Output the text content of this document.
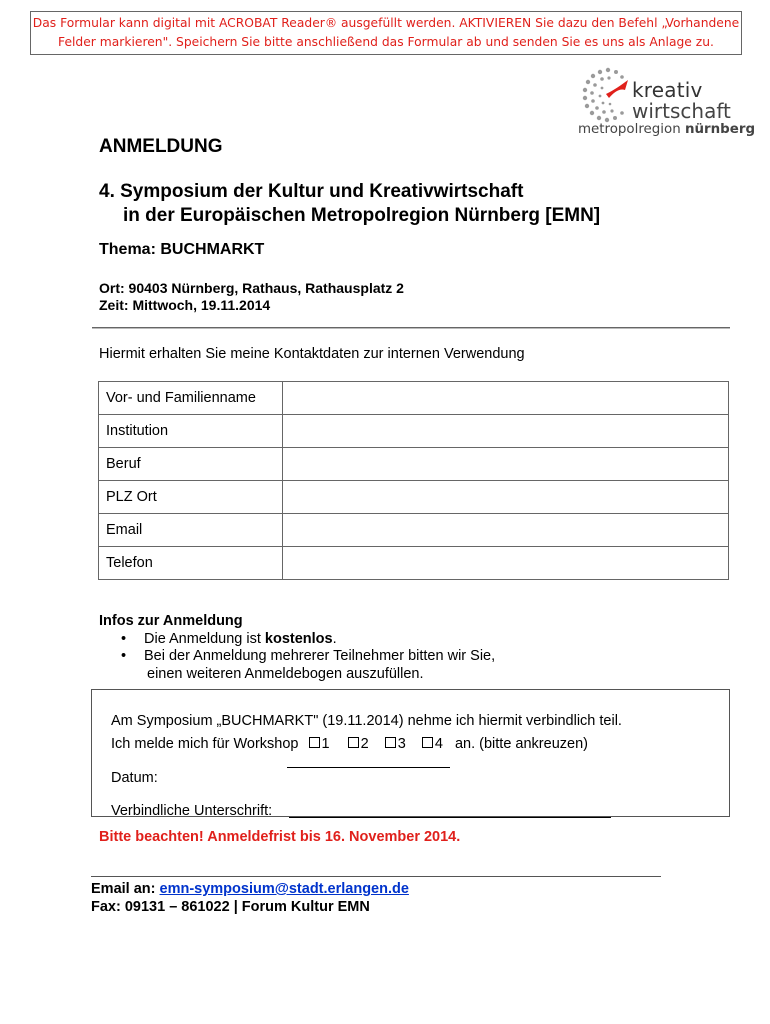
Das Formular kann digital mit ACROBAT Reader® ausgefüllt werden. AKTIVIEREN Sie dazu den Befehl „Vorhandene
Felder markieren". Speichern Sie bitte anschließend das Formular ab und senden Sie es uns als Anlage zu.
kreativ
wirtschaft
metropolregion nürnberg
ANMELDUNG
4. Symposium der Kultur und Kreativwirtschaft
in der Europäischen Metropolregion Nürnberg [EMN]
Thema: BUCHMARKT
Ort: 90403 Nürnberg, Rathaus, Rathausplatz 2
Zeit: Mittwoch, 19.11.2014
Hiermit erhalten Sie meine Kontaktdaten zur internen Verwendung
Vor- und Familienname	
Institution	
Beruf	
PLZ Ort	
Email	
Telefon	
Infos zur Anmeldung
• Die Anmeldung ist kostenlos.
• Bei der Anmeldung mehrerer Teilnehmer bitten wir Sie,
einen weiteren Anmeldebogen auszufüllen.
Am Symposium „BUCHMARKT" (19.11.2014) nehme ich hiermit verbindlich teil.
Ich melde mich für Workshop 1 2 3 4 an. (bitte ankreuzen)
Datum:
Verbindliche Unterschrift:
Bitte beachten! Anmeldefrist bis 16. November 2014.
Email an: emn-symposium@stadt.erlangen.de
Fax: 09131 – 861022 | Forum Kultur EMN
